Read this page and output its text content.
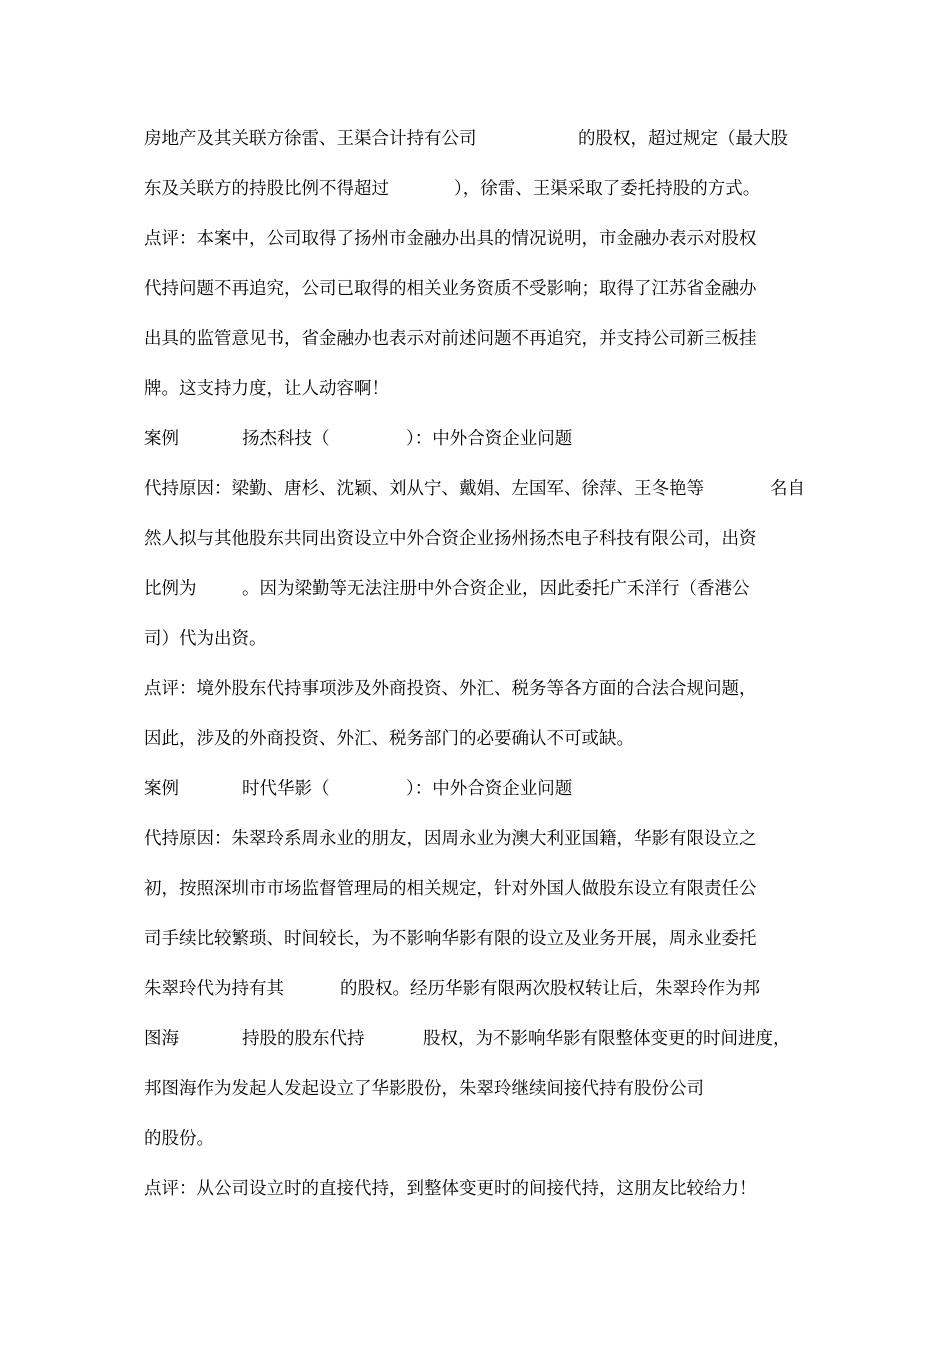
房地产及其关联方徐雷、王渠合计持有公司	的股权，超过规定（最大股
东及关联方的持股比例不得超过	），徐雷、王渠采取了委托持股的方式。
点评：本案中，公司取得了扬州市金融办出具的情况说明，市金融办表示对股权
代持问题不再追究，公司已取得的相关业务资质不受影响；取得了江苏省金融办
出具的监管意见书，省金融办也表示对前述问题不再追究，并支持公司新三板挂
牌。这支持力度，让人动容啊！
案例	扬杰科技（	）：中外合资企业问题
代持原因：梁勤、唐杉、沈颖、刘从宁、戴娟、左国军、徐萍、王冬艳等	名自
然人拟与其他股东共同出资设立中外合资企业扬州扬杰电子科技有限公司，出资
比例为	。因为梁勤等无法注册中外合资企业，因此委托广禾洋行（香港公
司）代为出资。
点评：境外股东代持事项涉及外商投资、外汇、税务等各方面的合法合规问题，
因此，涉及的外商投资、外汇、税务部门的必要确认不可或缺。
案例	时代华影（	）：中外合资企业问题
代持原因：朱翠玲系周永业的朋友，因周永业为澳大利亚国籍，华影有限设立之
初，按照深圳市市场监督管理局的相关规定，针对外国人做股东设立有限责任公
司手续比较繁琐、时间较长，为不影响华影有限的设立及业务开展，周永业委托
朱翠玲代为持有其	的股权。经历华影有限两次股权转让后，朱翠玲作为邦
图海	持股的股东代持	股权，为不影响华影有限整体变更的时间进度，
邦图海作为发起人发起设立了华影股份，朱翠玲继续间接代持有股份公司
的股份。
点评：从公司设立时的直接代持，到整体变更时的间接代持，这朋友比较给力！
